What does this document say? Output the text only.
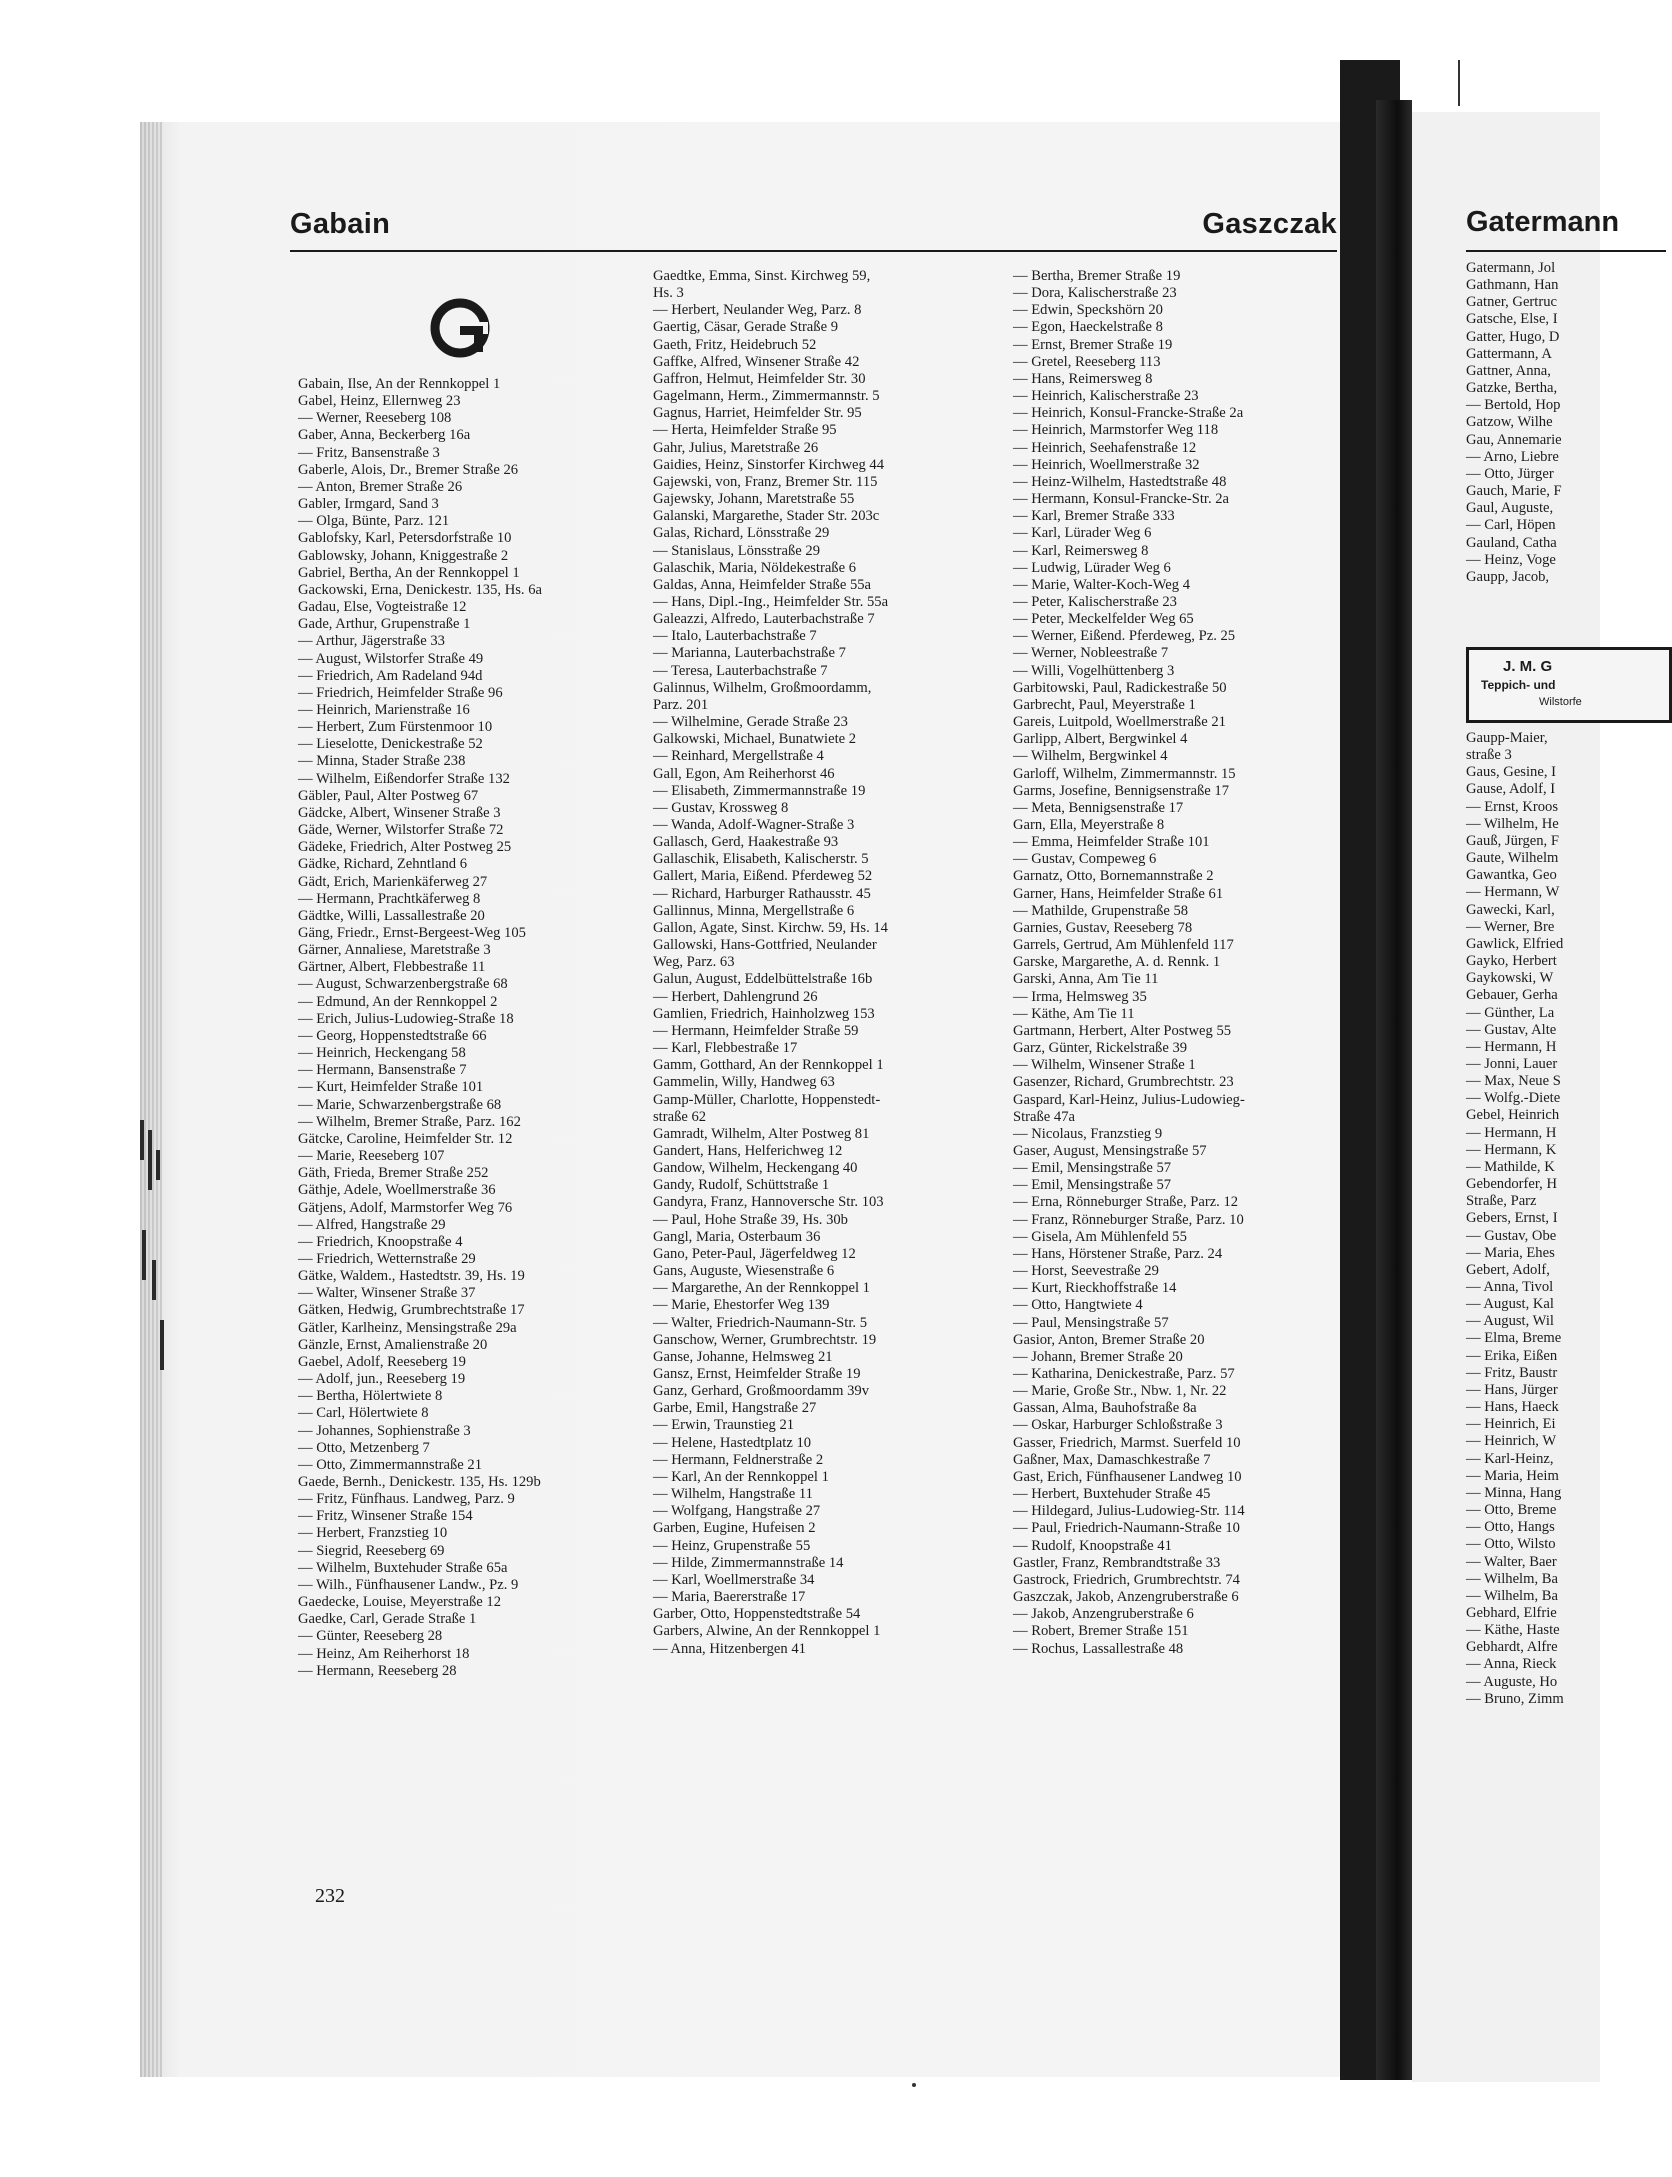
Gabain	Gaszczak
Gabain, Ilse, An der Rennkoppel 1
Gabel, Heinz, Ellernweg 23
— Werner, Reeseberg 108
Gaber, Anna, Beckerberg 16a
— Fritz, Bansenstraße 3
Gaberle, Alois, Dr., Bremer Straße 26
— Anton, Bremer Straße 26
Gabler, Irmgard, Sand 3
— Olga, Bünte, Parz. 121
Gablofsky, Karl, Petersdorfstraße 10
Gablowsky, Johann, Kniggestraße 2
Gabriel, Bertha, An der Rennkoppel 1
Gackowski, Erna, Denickestr. 135, Hs. 6a
Gadau, Else, Vogteistraße 12
Gade, Arthur, Grupenstraße 1
— Arthur, Jägerstraße 33
— August, Wilstorfer Straße 49
— Friedrich, Am Radeland 94d
— Friedrich, Heimfelder Straße 96
— Heinrich, Marienstraße 16
— Herbert, Zum Fürstenmoor 10
— Lieselotte, Denickestraße 52
— Minna, Stader Straße 238
— Wilhelm, Eißendorfer Straße 132
Gäbler, Paul, Alter Postweg 67
Gädcke, Albert, Winsener Straße 3
Gäde, Werner, Wilstorfer Straße 72
Gädeke, Friedrich, Alter Postweg 25
Gädke, Richard, Zehntland 6
Gädt, Erich, Marienkäferweg 27
— Hermann, Prachtkäferweg 8
Gädtke, Willi, Lassallestraße 20
Gäng, Friedr., Ernst-Bergeest-Weg 105
Gärner, Annaliese, Maretstraße 3
Gärtner, Albert, Flebbestraße 11
— August, Schwarzenbergstraße 68
— Edmund, An der Rennkoppel 2
— Erich, Julius-Ludowieg-Straße 18
— Georg, Hoppenstedtstraße 66
— Heinrich, Heckengang 58
— Hermann, Bansenstraße 7
— Kurt, Heimfelder Straße 101
— Marie, Schwarzenbergstraße 68
— Wilhelm, Bremer Straße, Parz. 162
Gätcke, Caroline, Heimfelder Str. 12
— Marie, Reeseberg 107
Gäth, Frieda, Bremer Straße 252
Gäthje, Adele, Woellmerstraße 36
Gätjens, Adolf, Marmstorfer Weg 76
— Alfred, Hangstraße 29
— Friedrich, Knoopstraße 4
— Friedrich, Wetternstraße 29
Gätke, Waldem., Hastedtstr. 39, Hs. 19
— Walter, Winsener Straße 37
Gätken, Hedwig, Grumbrechtstraße 17
Gätler, Karlheinz, Mensingstraße 29a
Gänzle, Ernst, Amalienstraße 20
Gaebel, Adolf, Reeseberg 19
— Adolf, jun., Reeseberg 19
— Bertha, Hölertwiete 8
— Carl, Hölertwiete 8
— Johannes, Sophienstraße 3
— Otto, Metzenberg 7
— Otto, Zimmermannstraße 21
Gaede, Bernh., Denickestr. 135, Hs. 129b
— Fritz, Fünfhaus. Landweg, Parz. 9
— Fritz, Winsener Straße 154
— Herbert, Franzstieg 10
— Siegrid, Reeseberg 69
— Wilhelm, Buxtehuder Straße 65a
— Wilh., Fünfhausener Landw., Pz. 9
Gaedecke, Louise, Meyerstraße 12
Gaedke, Carl, Gerade Straße 1
— Günter, Reeseberg 28
— Heinz, Am Reiherhorst 18
— Hermann, Reeseberg 28
Gaedtke, Emma, Sinst. Kirchweg 59,
Hs. 3
— Herbert, Neulander Weg, Parz. 8
Gaertig, Cäsar, Gerade Straße 9
Gaeth, Fritz, Heidebruch 52
Gaffke, Alfred, Winsener Straße 42
Gaffron, Helmut, Heimfelder Str. 30
Gagelmann, Herm., Zimmermannstr. 5
Gagnus, Harriet, Heimfelder Str. 95
— Herta, Heimfelder Straße 95
Gahr, Julius, Maretstraße 26
Gaidies, Heinz, Sinstorfer Kirchweg 44
Gajewski, von, Franz, Bremer Str. 115
Gajewsky, Johann, Maretstraße 55
Galanski, Margarethe, Stader Str. 203c
Galas, Richard, Lönsstraße 29
— Stanislaus, Lönsstraße 29
Galaschik, Maria, Nöldekestraße 6
Galdas, Anna, Heimfelder Straße 55a
— Hans, Dipl.-Ing., Heimfelder Str. 55a
Galeazzi, Alfredo, Lauterbachstraße 7
— Italo, Lauterbachstraße 7
— Marianna, Lauterbachstraße 7
— Teresa, Lauterbachstraße 7
Galinnus, Wilhelm, Großmoordamm,
Parz. 201
— Wilhelmine, Gerade Straße 23
Galkowski, Michael, Bunatwiete 2
— Reinhard, Mergellstraße 4
Gall, Egon, Am Reiherhorst 46
— Elisabeth, Zimmermannstraße 19
— Gustav, Krossweg 8
— Wanda, Adolf-Wagner-Straße 3
Gallasch, Gerd, Haakestraße 93
Gallaschik, Elisabeth, Kalischerstr. 5
Gallert, Maria, Eißend. Pferdeweg 52
— Richard, Harburger Rathausstr. 45
Gallinnus, Minna, Mergellstraße 6
Gallon, Agate, Sinst. Kirchw. 59, Hs. 14
Gallowski, Hans-Gottfried, Neulander
Weg, Parz. 63
Galun, August, Eddelbüttelstraße 16b
— Herbert, Dahlengrund 26
Gamlien, Friedrich, Hainholzweg 153
— Hermann, Heimfelder Straße 59
— Karl, Flebbestraße 17
Gamm, Gotthard, An der Rennkoppel 1
Gammelin, Willy, Handweg 63
Gamp-Müller, Charlotte, Hoppenstedt-
straße 62
Gamradt, Wilhelm, Alter Postweg 81
Gandert, Hans, Helferichweg 12
Gandow, Wilhelm, Heckengang 40
Gandy, Rudolf, Schüttstraße 1
Gandyra, Franz, Hannoversche Str. 103
— Paul, Hohe Straße 39, Hs. 30b
Gangl, Maria, Osterbaum 36
Gano, Peter-Paul, Jägerfeldweg 12
Gans, Auguste, Wiesenstraße 6
— Margarethe, An der Rennkoppel 1
— Marie, Ehestorfer Weg 139
— Walter, Friedrich-Naumann-Str. 5
Ganschow, Werner, Grumbrechtstr. 19
Ganse, Johanne, Helmsweg 21
Gansz, Ernst, Heimfelder Straße 19
Ganz, Gerhard, Großmoordamm 39v
Garbe, Emil, Hangstraße 27
— Erwin, Traunstieg 21
— Helene, Hastedtplatz 10
— Hermann, Feldnerstraße 2
— Karl, An der Rennkoppel 1
— Wilhelm, Hangstraße 11
— Wolfgang, Hangstraße 27
Garben, Eugine, Hufeisen 2
— Heinz, Grupenstraße 55
— Hilde, Zimmermannstraße 14
— Karl, Woellmerstraße 34
— Maria, Baererstraße 17
Garber, Otto, Hoppenstedtstraße 54
Garbers, Alwine, An der Rennkoppel 1
— Anna, Hitzenbergen 41
— Bertha, Bremer Straße 19
— Dora, Kalischerstraße 23
— Edwin, Speckshörn 20
— Egon, Haeckelstraße 8
— Ernst, Bremer Straße 19
— Gretel, Reeseberg 113
— Hans, Reimersweg 8
— Heinrich, Kalischerstraße 23
— Heinrich, Konsul-Francke-Straße 2a
— Heinrich, Marmstorfer Weg 118
— Heinrich, Seehafenstraße 12
— Heinrich, Woellmerstraße 32
— Heinz-Wilhelm, Hastedtstraße 48
— Hermann, Konsul-Francke-Str. 2a
— Karl, Bremer Straße 333
— Karl, Lürader Weg 6
— Karl, Reimersweg 8
— Ludwig, Lürader Weg 6
— Marie, Walter-Koch-Weg 4
— Peter, Kalischerstraße 23
— Peter, Meckelfelder Weg 65
— Werner, Eißend. Pferdeweg, Pz. 25
— Werner, Nobleestraße 7
— Willi, Vogelhüttenberg 3
Garbitowski, Paul, Radickestraße 50
Garbrecht, Paul, Meyerstraße 1
Gareis, Luitpold, Woellmerstraße 21
Garlipp, Albert, Bergwinkel 4
— Wilhelm, Bergwinkel 4
Garloff, Wilhelm, Zimmermannstr. 15
Garms, Josefine, Bennigsenstraße 17
— Meta, Bennigsenstraße 17
Garn, Ella, Meyerstraße 8
— Emma, Heimfelder Straße 101
— Gustav, Compeweg 6
Garnatz, Otto, Bornemannstraße 2
Garner, Hans, Heimfelder Straße 61
— Mathilde, Grupenstraße 58
Garnies, Gustav, Reeseberg 78
Garrels, Gertrud, Am Mühlenfeld 117
Garske, Margarethe, A. d. Rennk. 1
Garski, Anna, Am Tie 11
— Irma, Helmsweg 35
— Käthe, Am Tie 11
Gartmann, Herbert, Alter Postweg 55
Garz, Günter, Rickelstraße 39
— Wilhelm, Winsener Straße 1
Gasenzer, Richard, Grumbrechtstr. 23
Gaspard, Karl-Heinz, Julius-Ludowieg-
Straße 47a
— Nicolaus, Franzstieg 9
Gaser, August, Mensingstraße 57
— Emil, Mensingstraße 57
— Emil, Mensingstraße 57
— Erna, Rönneburger Straße, Parz. 12
— Franz, Rönneburger Straße, Parz. 10
— Gisela, Am Mühlenfeld 55
— Hans, Hörstener Straße, Parz. 24
— Horst, Seevestraße 29
— Kurt, Rieckhoffstraße 14
— Otto, Hangtwiete 4
— Paul, Mensingstraße 57
Gasior, Anton, Bremer Straße 20
— Johann, Bremer Straße 20
— Katharina, Denickestraße, Parz. 57
— Marie, Große Str., Nbw. 1, Nr. 22
Gassan, Alma, Bauhofstraße 8a
— Oskar, Harburger Schloßstraße 3
Gasser, Friedrich, Marmst. Suerfeld 10
Gaßner, Max, Damaschkestraße 7
Gast, Erich, Fünfhausener Landweg 10
— Herbert, Buxtehuder Straße 45
— Hildegard, Julius-Ludowieg-Str. 114
— Paul, Friedrich-Naumann-Straße 10
— Rudolf, Knoopstraße 41
Gastler, Franz, Rembrandtstraße 33
Gastrock, Friedrich, Grumbrechtstr. 74
Gaszczak, Jakob, Anzengruberstraße 6
— Jakob, Anzengruberstraße 6
— Robert, Bremer Straße 151
— Rochus, Lassallestraße 48
232
Gatermann
Gatermann, Jol
Gathmann, Han
Gatner, Gertruc
Gatsche, Else, I
Gatter, Hugo, D
Gattermann, A
Gattner, Anna,
Gatzke, Bertha,
— Bertold, Hop
Gatzow, Wilhe
Gau, Annemarie
— Arno, Liebre
— Otto, Jürger
Gauch, Marie, F
Gaul, Auguste,
— Carl, Höpen
Gauland, Catha
— Heinz, Voge
Gaupp, Jacob,
J. M. G
Teppich- und
Wilstorfe
Gaupp-Maier,
straße 3
Gaus, Gesine, I
Gause, Adolf, I
— Ernst, Kroos
— Wilhelm, He
Gauß, Jürgen, F
Gaute, Wilhelm
Gawantka, Geo
— Hermann, W
Gawecki, Karl,
— Werner, Bre
Gawlick, Elfried
Gayko, Herbert
Gaykowski, W
Gebauer, Gerha
— Günther, La
— Gustav, Alte
— Hermann, H
— Jonni, Lauer
— Max, Neue S
— Wolfg.-Diete
Gebel, Heinrich
— Hermann, H
— Hermann, K
— Mathilde, K
Gebendorfer, H
Straße, Parz
Gebers, Ernst, I
— Gustav, Obe
— Maria, Ehes
Gebert, Adolf,
— Anna, Tivol
— August, Kal
— August, Wil
— Elma, Breme
— Erika, Eißen
— Fritz, Baustr
— Hans, Jürger
— Hans, Haeck
— Heinrich, Ei
— Heinrich, W
— Karl-Heinz,
— Maria, Heim
— Minna, Hang
— Otto, Breme
— Otto, Hangs
— Otto, Wilsto
— Walter, Baer
— Wilhelm, Ba
— Wilhelm, Ba
Gebhard, Elfrie
— Käthe, Haste
Gebhardt, Alfre
— Anna, Rieck
— Auguste, Ho
— Bruno, Zimm
